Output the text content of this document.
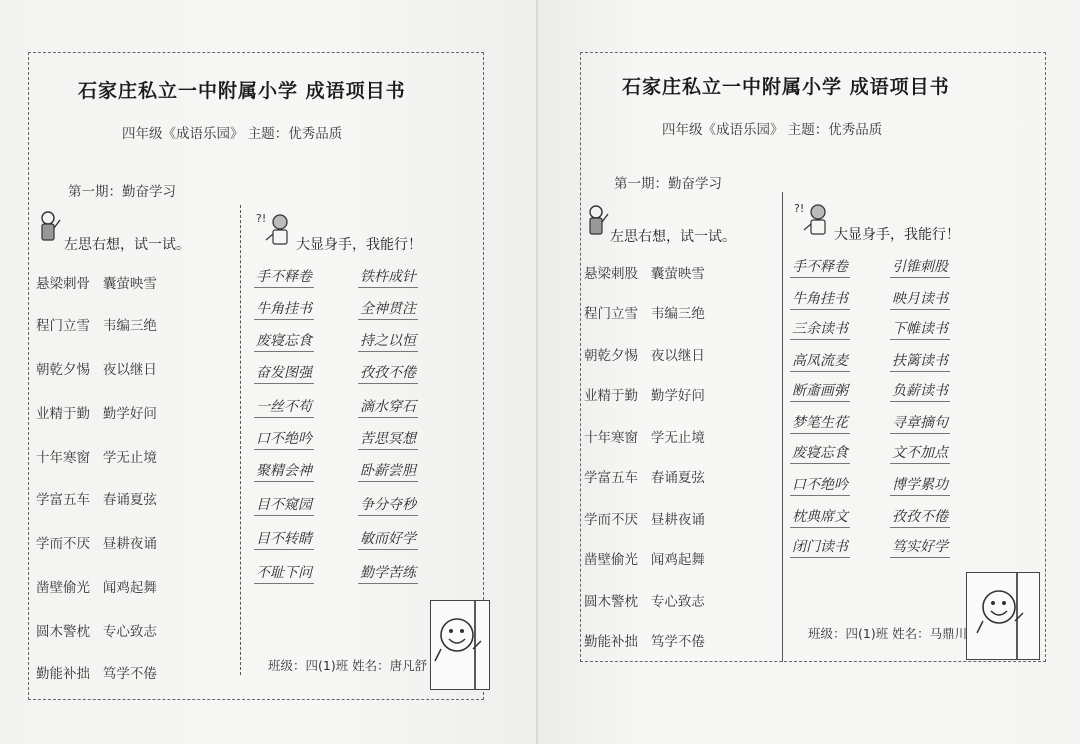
石家庄私立一中附属小学 成语项目书
四年级《成语乐园》 主题：优秀品质
第一期：勤奋学习
左思右想，试一试。
?!
大显身手，我能行！
悬梁刺骨 囊萤映雪
程门立雪 韦编三绝
朝乾夕惕 夜以继日
业精于勤 勤学好问
十年寒窗 学无止境
学富五车 春诵夏弦
学而不厌 昼耕夜诵
凿壁偷光 闻鸡起舞
圆木警枕 专心致志
勤能补拙 笃学不倦
手不释卷	铁杵成针
牛角挂书	全神贯注
废寝忘食	持之以恒
奋发图强	孜孜不倦
一丝不苟	滴水穿石
口不绝吟	苦思冥想
聚精会神	卧薪尝胆
目不窥园	争分夺秒
目不转睛	敏而好学
不耻下问	勤学苦练
班级：四(1)班 姓名：唐凡舒
石家庄私立一中附属小学 成语项目书
四年级《成语乐园》 主题：优秀品质
第一期：勤奋学习
左思右想，试一试。
?!
大显身手，我能行！
悬梁刺股 囊萤映雪
程门立雪 韦编三绝
朝乾夕惕 夜以继日
业精于勤 勤学好问
十年寒窗 学无止境
学富五车 春诵夏弦
学而不厌 昼耕夜诵
凿壁偷光 闻鸡起舞
圆木警枕 专心致志
勤能补拙 笃学不倦
手不释卷	引锥刺股
牛角挂书	映月读书
三余读书	下帷读书
高凤流麦	扶篱读书
断齑画粥	负薪读书
梦笔生花	寻章摘句
废寝忘食	文不加点
口不绝吟	博学累功
枕典席文	孜孜不倦
闭门读书	笃实好学
班级：四(1)班 姓名：马鼎川
